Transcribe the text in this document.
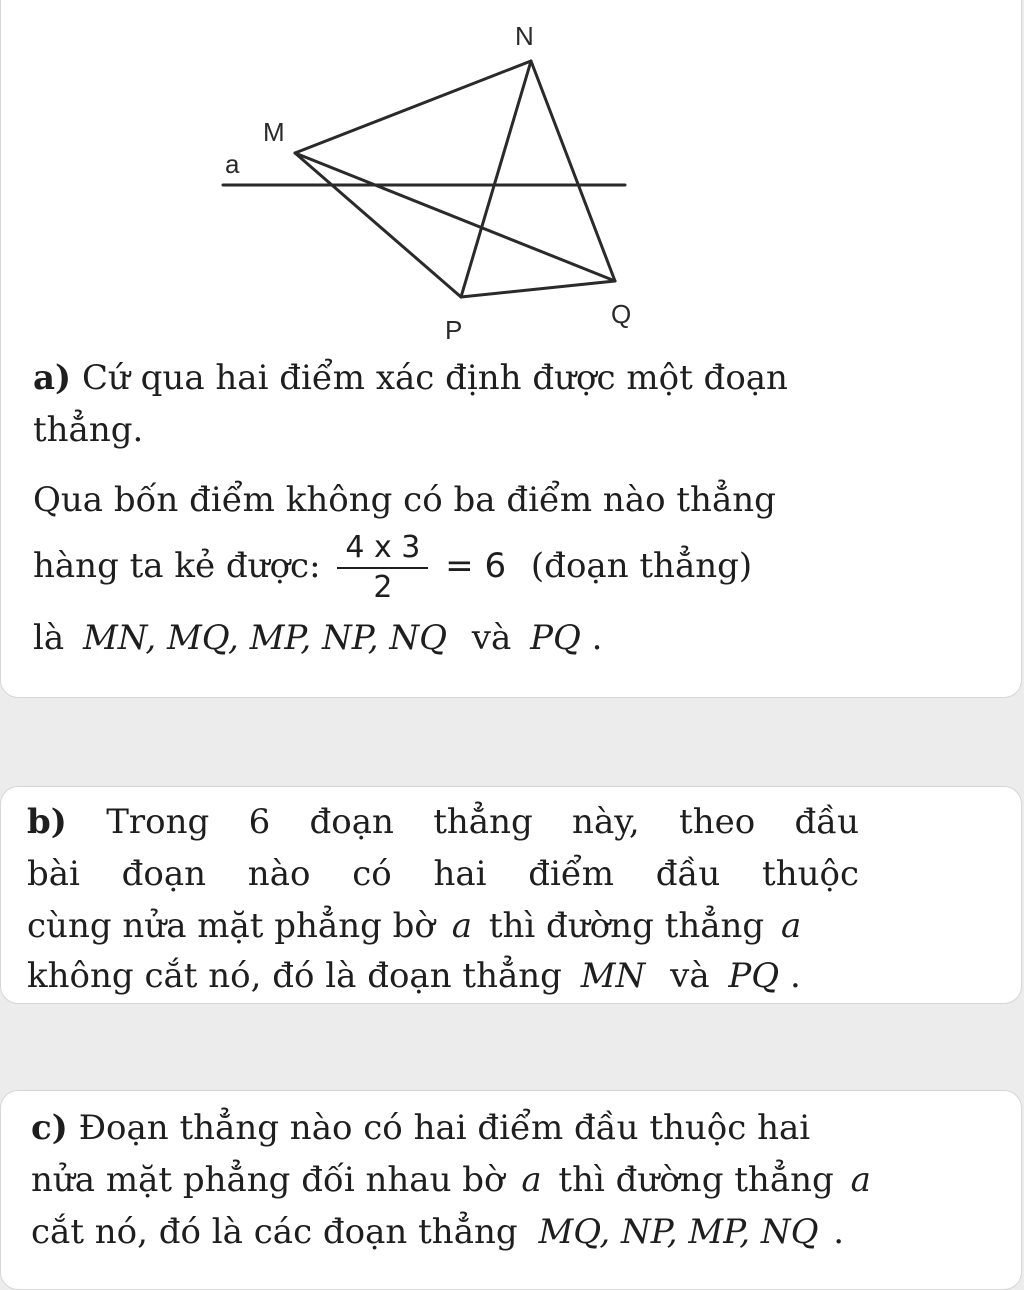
N
M
a
Q
P

a) Cứ qua hai điểm xác định được một đoạn

thẳng.

Qua bốn điểm không có ba điểm nào thẳng

hàng ta kẻ được: $\frac{4 x 3}{2} = 6$ (đoạn thẳng)

là MN, MQ, MP, NP, NQ và PQ .

b) Trong 6 đoạn thẳng này, theo đầu

bài đoạn nào có hai điểm đầu thuộc

cùng nửa mặt phẳng bờ a thì đường thẳng a

không cắt nó, đó là đoạn thẳng MN và PQ .

c) Đoạn thẳng nào có hai điểm đầu thuộc hai

nửa mặt phẳng đối nhau bờ a thì đường thẳng a

cắt nó, đó là các đoạn thẳng MQ, NP, MP, NQ .
